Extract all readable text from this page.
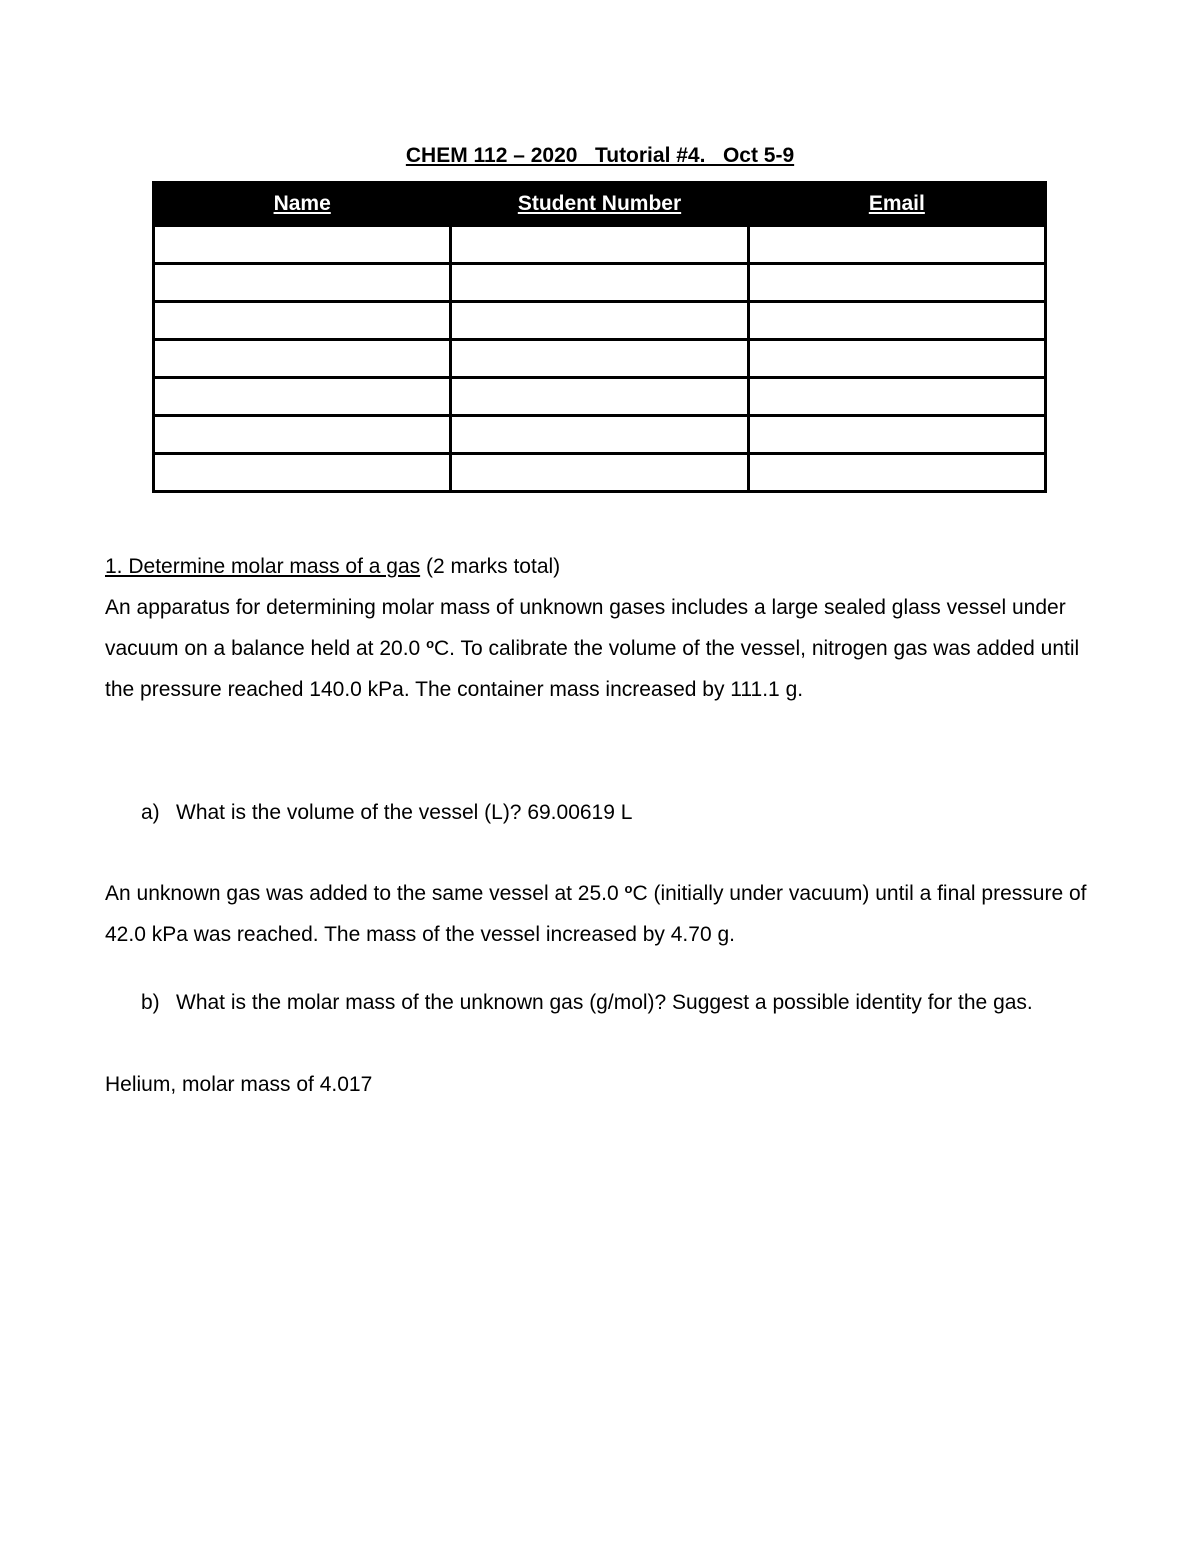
CHEM 112 – 2020   Tutorial #4.   Oct 5-9
Name	Student Number	Email

1. Determine molar mass of a gas (2 marks total)
An apparatus for determining molar mass of unknown gases includes a large sealed glass vessel under vacuum on a balance held at 20.0 $^o$C. To calibrate the volume of the vessel, nitrogen gas was added until the pressure reached 140.0 kPa. The container mass increased by 111.1 g.

a) What is the volume of the vessel (L)? 69.00619 L

An unknown gas was added to the same vessel at 25.0 $^o$C (initially under vacuum) until a final pressure of 42.0 kPa was reached. The mass of the vessel increased by 4.70 g.

b) What is the molar mass of the unknown gas (g/mol)? Suggest a possible identity for the gas.

Helium, molar mass of 4.017
